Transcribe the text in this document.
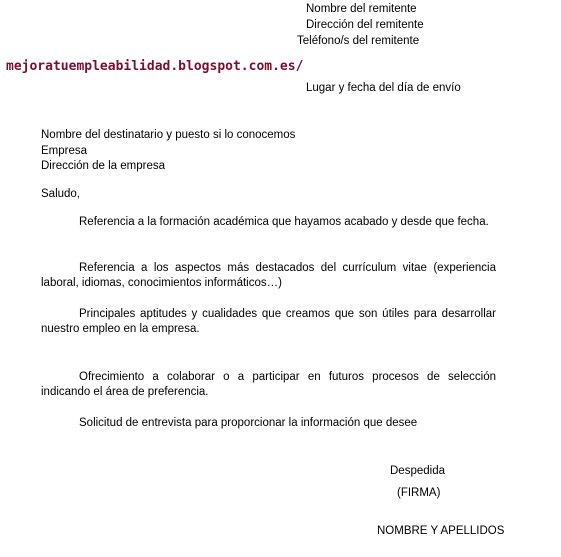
Nombre del remitente
Dirección del remitente
Teléfono/s del remitente
mejoratuempleabilidad.blogspot.com.es/
Lugar y fecha del día de envío
Nombre del destinatario y puesto si lo conocemos
Empresa
Dirección de la empresa
Saludo,
Referencia a la formación académica que hayamos acabado y desde que fecha.
Referencia a los aspectos más destacados del currículum vitae (experiencia laboral, idiomas, conocimientos informáticos…)
Principales aptitudes y cualidades que creamos que son útiles para desarrollar nuestro empleo en la empresa.
Ofrecimiento a colaborar o a participar en futuros procesos de selección indicando el área de preferencia.
Solicitud de entrevista para proporcionar la información que desee
Despedida
(FIRMA)
NOMBRE Y APELLIDOS
